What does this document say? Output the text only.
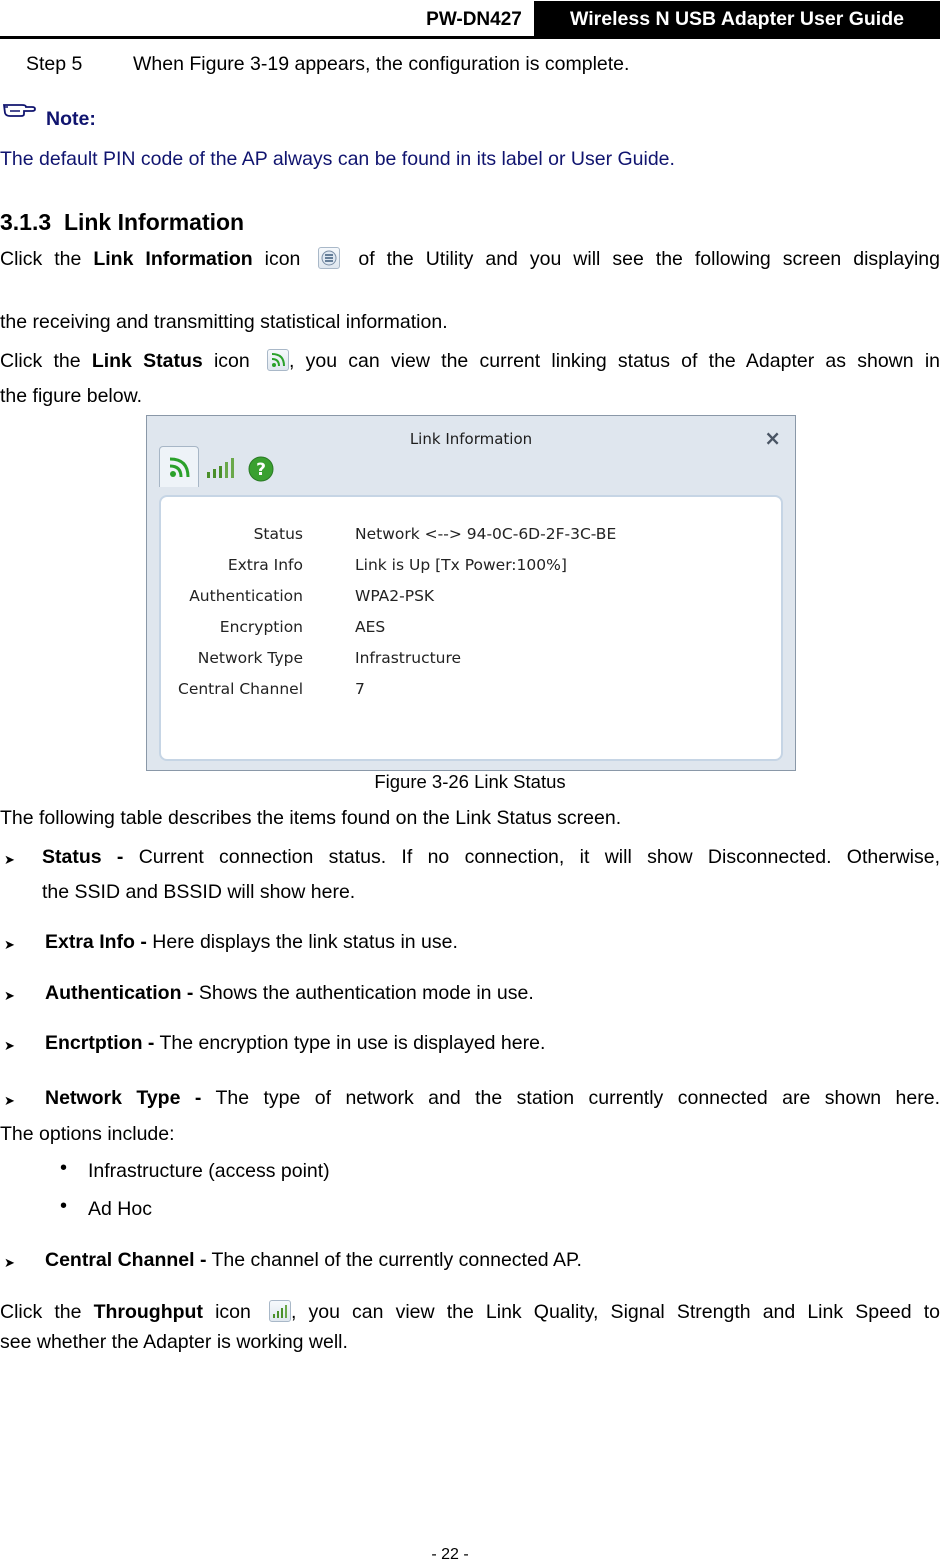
PW-DN427	Wireless N USB Adapter User Guide
Step 5	When Figure 3-19 appears, the configuration is complete.
Note:
The default PIN code of the AP always can be found in its label or User Guide.
3.1.3 Link Information
Click the Link Information icon	of the Utility and you will see the following screen displaying
the receiving and transmitting statistical information.
Click the Link Status icon , you can view the current linking status of the Adapter as shown in
the figure below.
Link Information	×
?
Status	Network <--> 94-0C-6D-2F-3C-BE
Extra Info	Link is Up [Tx Power:100%]
Authentication	WPA2-PSK
Encryption	AES
Network Type	Infrastructure
Central Channel	7
Figure 3-26 Link Status
The following table describes the items found on the Link Status screen.
➤ Status - Current connection status. If no connection, it will show Disconnected. Otherwise,
the SSID and BSSID will show here.
➤ Extra Info - Here displays the link status in use.
➤ Authentication - Shows the authentication mode in use.
➤ Encrtption - The encryption type in use is displayed here.
➤ Network Type - The type of network and the station currently connected are shown here.
The options include:
• Infrastructure (access point)
• Ad Hoc
➤ Central Channel - The channel of the currently connected AP.
Click the Throughput icon , you can view the Link Quality, Signal Strength and Link Speed to
see whether the Adapter is working well.
- 22 -
